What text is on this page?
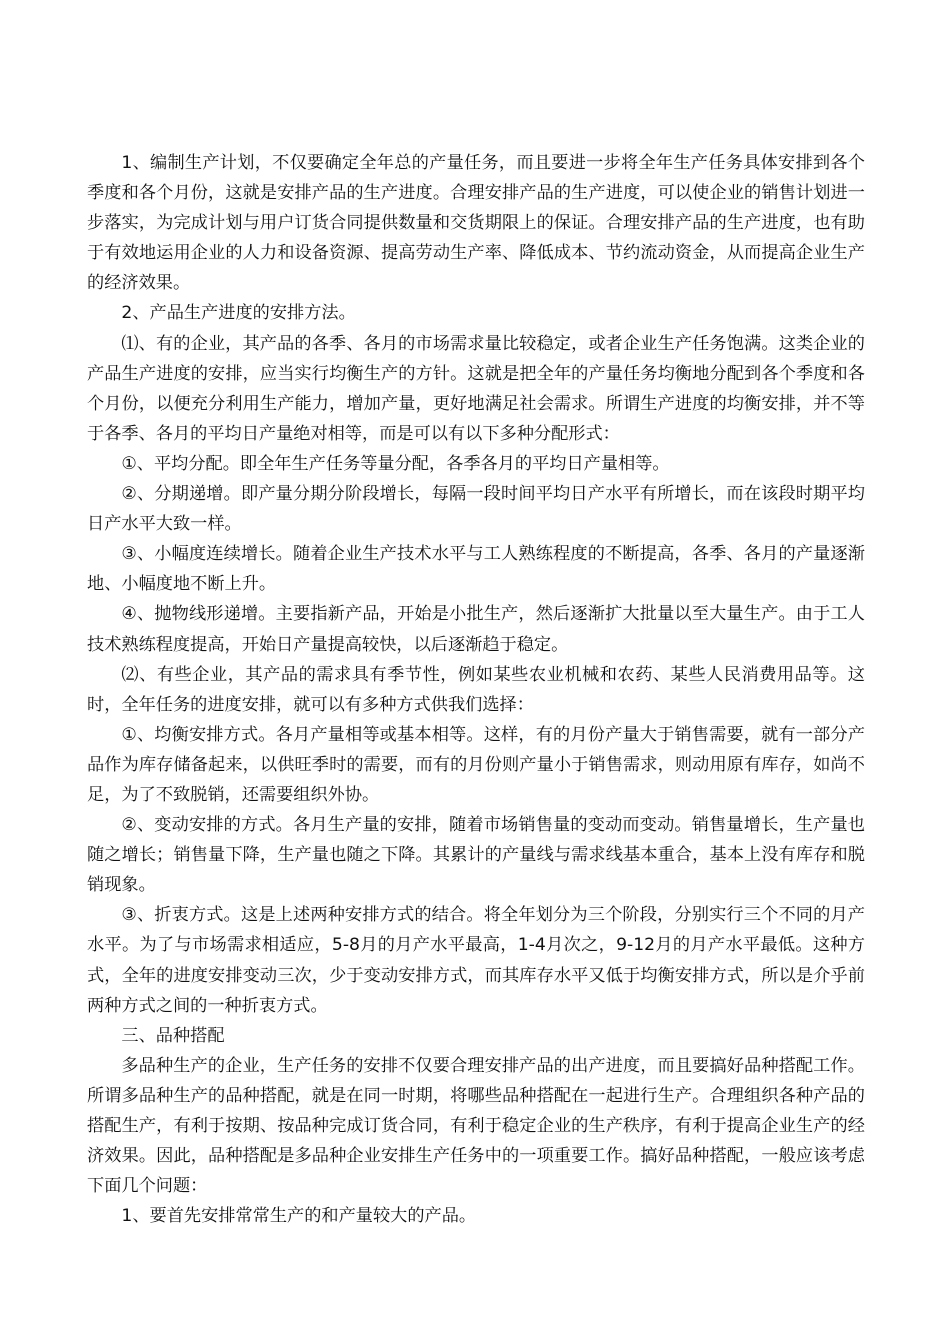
1、编制生产计划，不仅要确定全年总的产量任务，而且要进一步将全年生产任务具体安排到各个季度和各个月份，这就是安排产品的生产进度。合理安排产品的生产进度，可以使企业的销售计划进一步落实，为完成计划与用户订货合同提供数量和交货期限上的保证。合理安排产品的生产进度，也有助于有效地运用企业的人力和设备资源、提高劳动生产率、降低成本、节约流动资金，从而提高企业生产的经济效果。

2、产品生产进度的安排方法。

⑴、有的企业，其产品的各季、各月的市场需求量比较稳定，或者企业生产任务饱满。这类企业的产品生产进度的安排，应当实行均衡生产的方针。这就是把全年的产量任务均衡地分配到各个季度和各个月份，以便充分利用生产能力，增加产量，更好地满足社会需求。所谓生产进度的均衡安排，并不等于各季、各月的平均日产量绝对相等，而是可以有以下多种分配形式：

①、平均分配。即全年生产任务等量分配，各季各月的平均日产量相等。

②、分期递增。即产量分期分阶段增长，每隔一段时间平均日产水平有所增长，而在该段时期平均日产水平大致一样。

③、小幅度连续增长。随着企业生产技术水平与工人熟练程度的不断提高，各季、各月的产量逐渐地、小幅度地不断上升。

④、抛物线形递增。主要指新产品，开始是小批生产，然后逐渐扩大批量以至大量生产。由于工人技术熟练程度提高，开始日产量提高较快，以后逐渐趋于稳定。

⑵、有些企业，其产品的需求具有季节性，例如某些农业机械和农药、某些人民消费用品等。这时，全年任务的进度安排，就可以有多种方式供我们选择：

①、均衡安排方式。各月产量相等或基本相等。这样，有的月份产量大于销售需要，就有一部分产品作为库存储备起来，以供旺季时的需要，而有的月份则产量小于销售需求，则动用原有库存，如尚不足，为了不致脱销，还需要组织外协。

②、变动安排的方式。各月生产量的安排，随着市场销售量的变动而变动。销售量增长，生产量也随之增长；销售量下降，生产量也随之下降。其累计的产量线与需求线基本重合，基本上没有库存和脱销现象。

③、折衷方式。这是上述两种安排方式的结合。将全年划分为三个阶段，分别实行三个不同的月产水平。为了与市场需求相适应，5-8月的月产水平最高，1-4月次之，9-12月的月产水平最低。这种方式，全年的进度安排变动三次，少于变动安排方式，而其库存水平又低于均衡安排方式，所以是介乎前两种方式之间的一种折衷方式。

三、品种搭配

多品种生产的企业，生产任务的安排不仅要合理安排产品的出产进度，而且要搞好品种搭配工作。所谓多品种生产的品种搭配，就是在同一时期，将哪些品种搭配在一起进行生产。合理组织各种产品的搭配生产，有利于按期、按品种完成订货合同，有利于稳定企业的生产秩序，有利于提高企业生产的经济效果。因此，品种搭配是多品种企业安排生产任务中的一项重要工作。搞好品种搭配，一般应该考虑下面几个问题：

1、要首先安排常常生产的和产量较大的产品。
